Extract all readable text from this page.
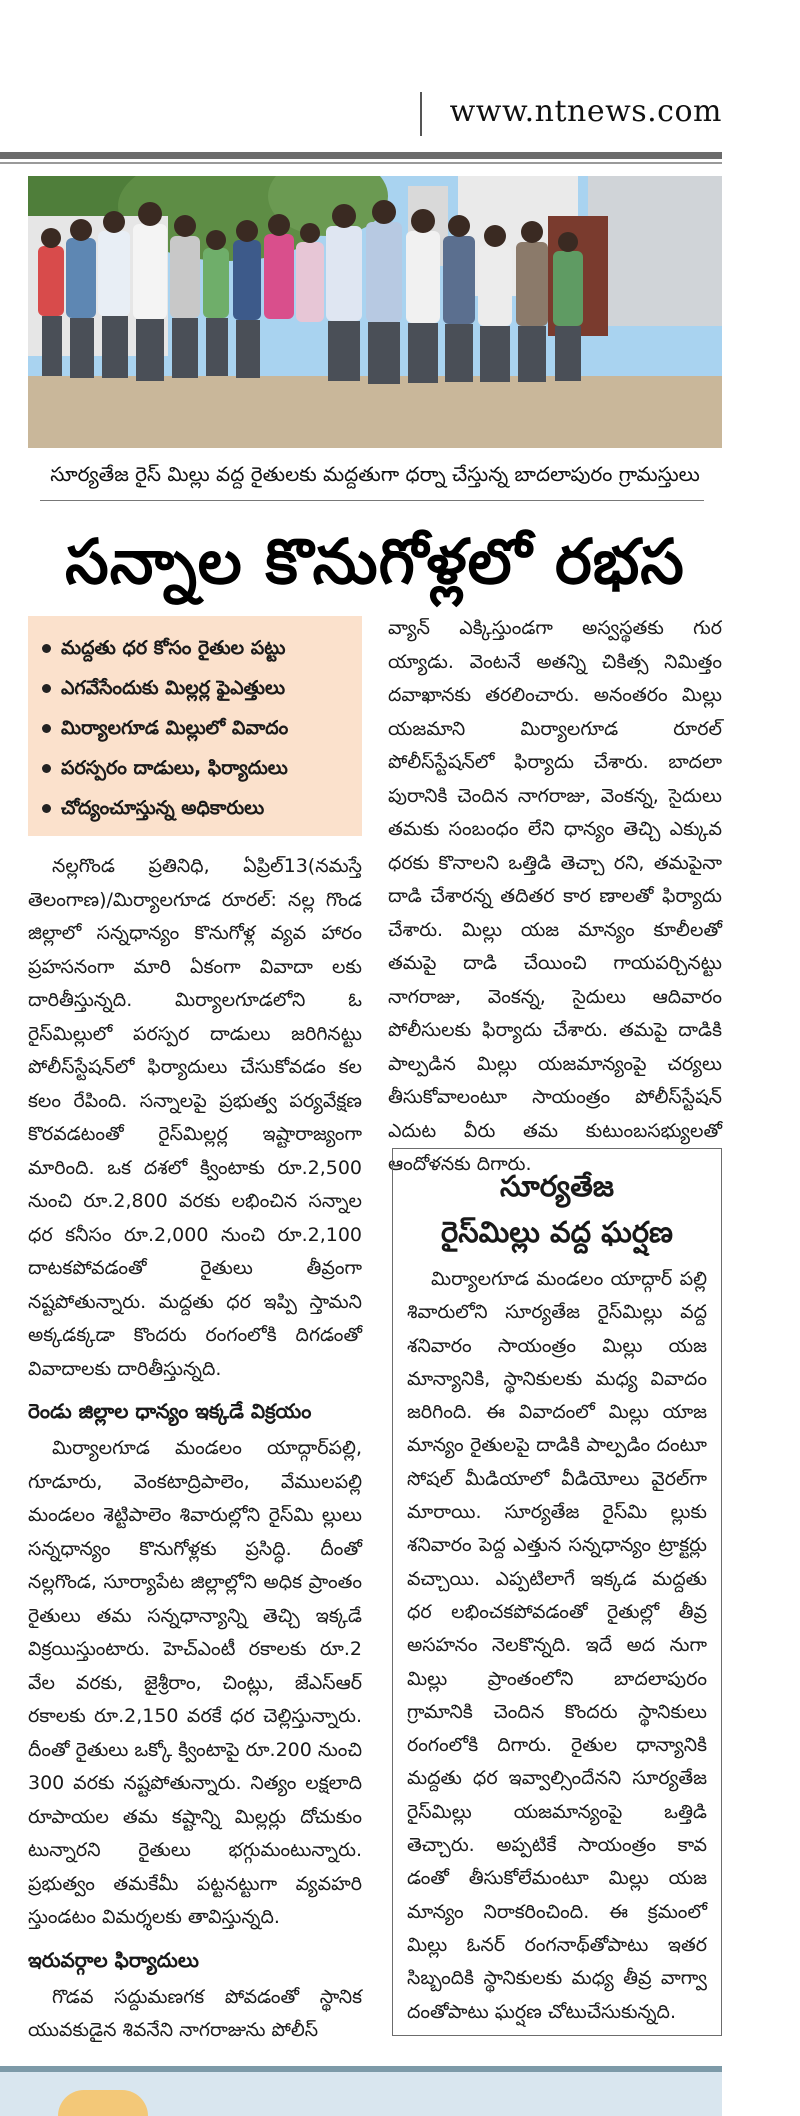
www.ntnews.com
సూర్యతేజ రైస్ మిల్లు వద్ద రైతులకు మద్దతుగా ధర్నా చేస్తున్న బాదలాపురం గ్రామస్తులు
సన్నాల కొనుగోళ్లలో రభస
మద్దతు ధర కోసం రైతుల పట్టు
ఎగవేసేందుకు మిల్లర్ల ఫైఎత్తులు
మిర్యాలగూడ మిల్లులో వివాదం
పరస్పరం దాడులు, ఫిర్యాదులు
చోద్యంచూస్తున్న అధికారులు

నల్లగొండ ప్రతినిధి, ఏప్రిల్13(నమస్తే తెలంగాణ)/మిర్యాలగూడ రూరల్: నల్ల గొండ జిల్లాలో సన్నధాన్యం కొనుగోళ్ల వ్యవ హారం ప్రహసనంగా మారి ఏకంగా వివాదా లకు దారితీస్తున్నది. మిర్యాలగూడలోని ఓ రైస్‌మిల్లులో పరస్పర దాడులు జరిగినట్టు పోలీస్‌స్టేషన్‌లో ఫిర్యాదులు చేసుకోవడం కల కలం రేపింది. సన్నాలపై ప్రభుత్వ పర్యవేక్షణ కొరవడటంతో రైస్‌మిల్లర్ల ఇష్టారాజ్యంగా మారింది. ఒక దశలో క్వింటాకు రూ.2,500 నుంచి రూ.2,800 వరకు లభించిన సన్నాల ధర కనీసం రూ.2,000 నుంచి రూ.2,100 దాటకపోవడంతో రైతులు తీవ్రంగా నష్టపోతున్నారు. మద్దతు ధర ఇప్పి స్తామని అక్కడక్కడా కొందరు రంగంలోకి దిగడంతో వివాదాలకు దారితీస్తున్నది.

రెండు జిల్లాల ధాన్యం ఇక్కడే విక్రయం

మిర్యాలగూడ మండలం యాద్గార్‌పల్లి, గూడూరు, వెంకటాద్రిపాలెం, వేములపల్లి మండలం శెట్టిపాలెం శివారుల్లోని రైస్‌మి ల్లులు సన్నధాన్యం కొనుగోళ్లకు ప్రసిద్ధి. దీంతో నల్లగొండ, సూర్యాపేట జిల్లాల్లోని అధిక ప్రాంతం రైతులు తమ సన్నధాన్యాన్ని తెచ్చి ఇక్కడే విక్రయిస్తుంటారు. హెచ్‌ఎంటీ రకాలకు రూ.2 వేల వరకు, జైశ్రీరాం, చింట్లు, జేఎస్‌ఆర్ రకాలకు రూ.2,150 వరకే ధర చెల్లిస్తున్నారు. దీంతో రైతులు ఒక్కో క్వింటాపై రూ.200 నుంచి 300 వరకు నష్టపోతున్నారు. నిత్యం లక్షలాది రూపాయల తమ కష్టాన్ని మిల్లర్లు దోచుకుం టున్నారని రైతులు భగ్గుమంటున్నారు. ప్రభుత్వం తమకేమీ పట్టనట్టుగా వ్యవహరి స్తుండటం విమర్శలకు తావిస్తున్నది.

ఇరువర్గాల ఫిర్యాదులు

గొడవ సద్దుమణగక పోవడంతో స్థానిక యువకుడైన శివనేని నాగరాజును పోలీస్

వ్యాన్ ఎక్కిస్తుండగా అస్వస్థతకు గుర య్యాడు. వెంటనే అతన్ని చికిత్స నిమిత్తం దవాఖానకు తరలించారు. అనంతరం మిల్లు యజమాని మిర్యాలగూడ రూరల్ పోలీస్‌స్టేషన్‌లో ఫిర్యాదు చేశారు. బాదలా పురానికి చెందిన నాగరాజు, వెంకన్న, సైదులు తమకు సంబంధం లేని ధాన్యం తెచ్చి ఎక్కువ ధరకు కొనాలని ఒత్తిడి తెచ్చా రని, తమపైనా దాడి చేశారన్న తదితర కార ణాలతో ఫిర్యాదు చేశారు. మిల్లు యజ మాన్యం కూలీలతో తమపై దాడి చేయించి గాయపర్చినట్టు నాగరాజు, వెంకన్న, సైదులు ఆదివారం పోలీసులకు ఫిర్యాదు చేశారు. తమపై దాడికి పాల్పడిన మిల్లు యజమాన్యంపై చర్యలు తీసుకోవాలంటూ సాయంత్రం పోలీస్‌స్టేషన్ ఎదుట వీరు తమ కుటుంబసభ్యులతో ఆందోళనకు దిగారు.

సూర్యతేజ
రైస్‌మిల్లు వద్ద ఘర్షణ

మిర్యాలగూడ మండలం యాద్గార్ పల్లి శివారులోని సూర్యతేజ రైస్‌మిల్లు వద్ద శనివారం సాయంత్రం మిల్లు యజ మాన్యానికి, స్థానికులకు మధ్య వివాదం జరిగింది. ఈ వివాదంలో మిల్లు యాజ మాన్యం రైతులపై దాడికి పాల్పడిం దంటూ సోషల్ మీడియాలో వీడియోలు వైరల్‌గా మారాయి. సూర్యతేజ రైస్‌మి ల్లుకు శనివారం పెద్ద ఎత్తున సన్నధాన్యం ట్రాక్టర్లు వచ్చాయి. ఎప్పటిలాగే ఇక్కడ మద్దతు ధర లభించకపోవడంతో రైతుల్లో తీవ్ర అసహనం నెలకొన్నది. ఇదే అద నుగా మిల్లు ప్రాంతంలోని బాదలాపురం గ్రామానికి చెందిన కొందరు స్థానికులు రంగంలోకి దిగారు. రైతుల ధాన్యానికి మద్దతు ధర ఇవ్వాల్సిందేనని సూర్యతేజ రైస్‌మిల్లు యజమాన్యంపై ఒత్తిడి తెచ్చారు. అప్పటికే సాయంత్రం కావ డంతో తీసుకోలేమంటూ మిల్లు యజ మాన్యం నిరాకరించింది. ఈ క్రమంలో మిల్లు ఓనర్ రంగనాథ్‌తోపాటు ఇతర సిబ్బందికి స్థానికులకు మధ్య తీవ్ర వాగ్వా దంతోపాటు ఘర్షణ చోటుచేసుకున్నది.
